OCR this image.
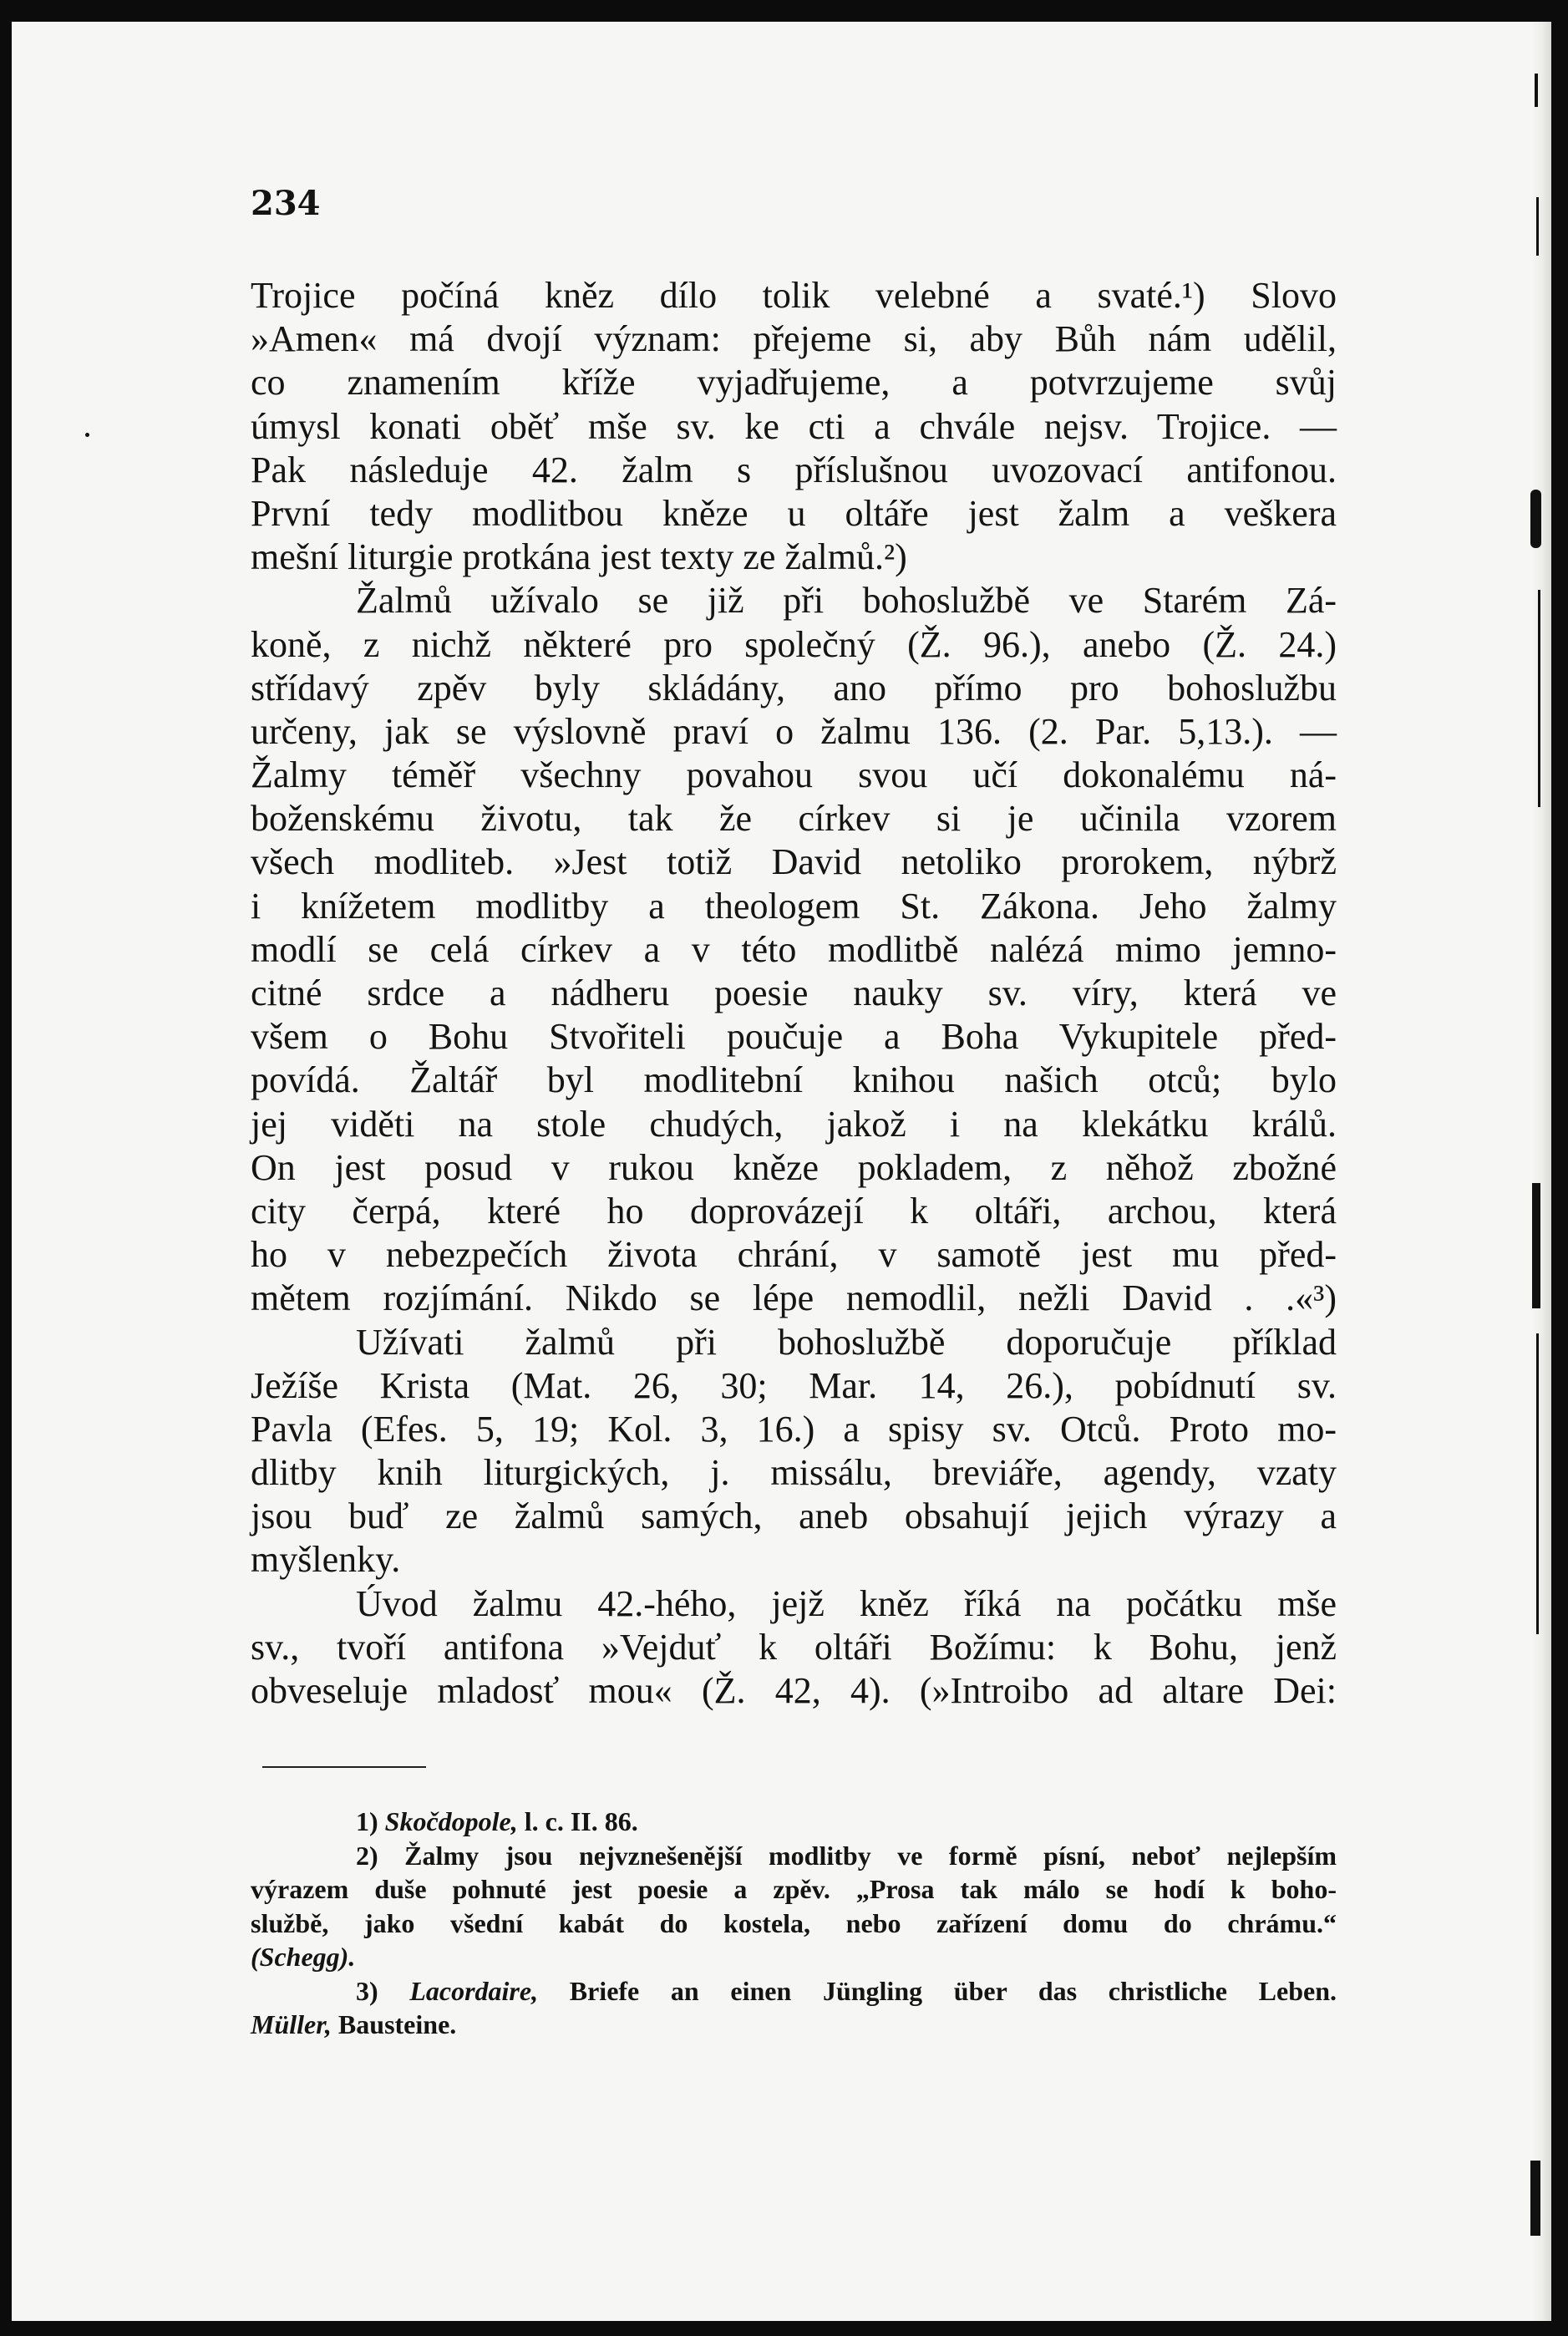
234
Trojice počíná kněz dílo tolik velebné a svaté.¹) Slovo
»Amen« má dvojí význam: přejeme si, aby Bůh nám udělil,
co znamením kříže vyjadřujeme, a potvrzujeme svůj
úmysl konati oběť mše sv. ke cti a chvále nejsv. Trojice. —
Pak následuje 42. žalm s příslušnou uvozovací antifonou.
První tedy modlitbou kněze u oltáře jest žalm a veškera
mešní liturgie protkána jest texty ze žalmů.²)
Žalmů užívalo se již při bohoslužbě ve Starém Zá-
koně, z nichž některé pro společný (Ž. 96.), anebo (Ž. 24.)
střídavý zpěv byly skládány, ano přímo pro bohoslužbu
určeny, jak se výslovně praví o žalmu 136. (2. Par. 5,13.). —
Žalmy téměř všechny povahou svou učí dokonalému ná-
boženskému životu, tak že církev si je učinila vzorem
všech modliteb. »Jest totiž David netoliko prorokem, nýbrž
i knížetem modlitby a theologem St. Zákona. Jeho žalmy
modlí se celá církev a v této modlitbě nalézá mimo jemno-
citné srdce a nádheru poesie nauky sv. víry, která ve
všem o Bohu Stvořiteli poučuje a Boha Vykupitele před-
povídá. Žaltář byl modlitební knihou našich otců; bylo
jej viděti na stole chudých, jakož i na klekátku králů.
On jest posud v rukou kněze pokladem, z něhož zbožné
city čerpá, které ho doprovázejí k oltáři, archou, která
ho v nebezpečích života chrání, v samotě jest mu před-
mětem rozjímání. Nikdo se lépe nemodlil, nežli David . .«³)
Užívati žalmů při bohoslužbě doporučuje příklad
Ježíše Krista (Mat. 26, 30; Mar. 14, 26.), pobídnutí sv.
Pavla (Efes. 5, 19; Kol. 3, 16.) a spisy sv. Otců. Proto mo-
dlitby knih liturgických, j. missálu, breviáře, agendy, vzaty
jsou buď ze žalmů samých, aneb obsahují jejich výrazy a
myšlenky.
Úvod žalmu 42.-hého, jejž kněz říká na počátku mše
sv., tvoří antifona »Vejduť k oltáři Božímu: k Bohu, jenž
obveseluje mladosť mou« (Ž. 42, 4). (»Introibo ad altare Dei:
1) Skočdopole, l. c. II. 86.
2) Žalmy jsou nejvznešenější modlitby ve formě písní, neboť nejlepším
výrazem duše pohnuté jest poesie a zpěv. „Prosa tak málo se hodí k boho-
službě, jako všední kabát do kostela, nebo zařízení domu do chrámu.“
(Schegg).
3) Lacordaire, Briefe an einen Jüngling über das christliche Leben.
Müller, Bausteine.
